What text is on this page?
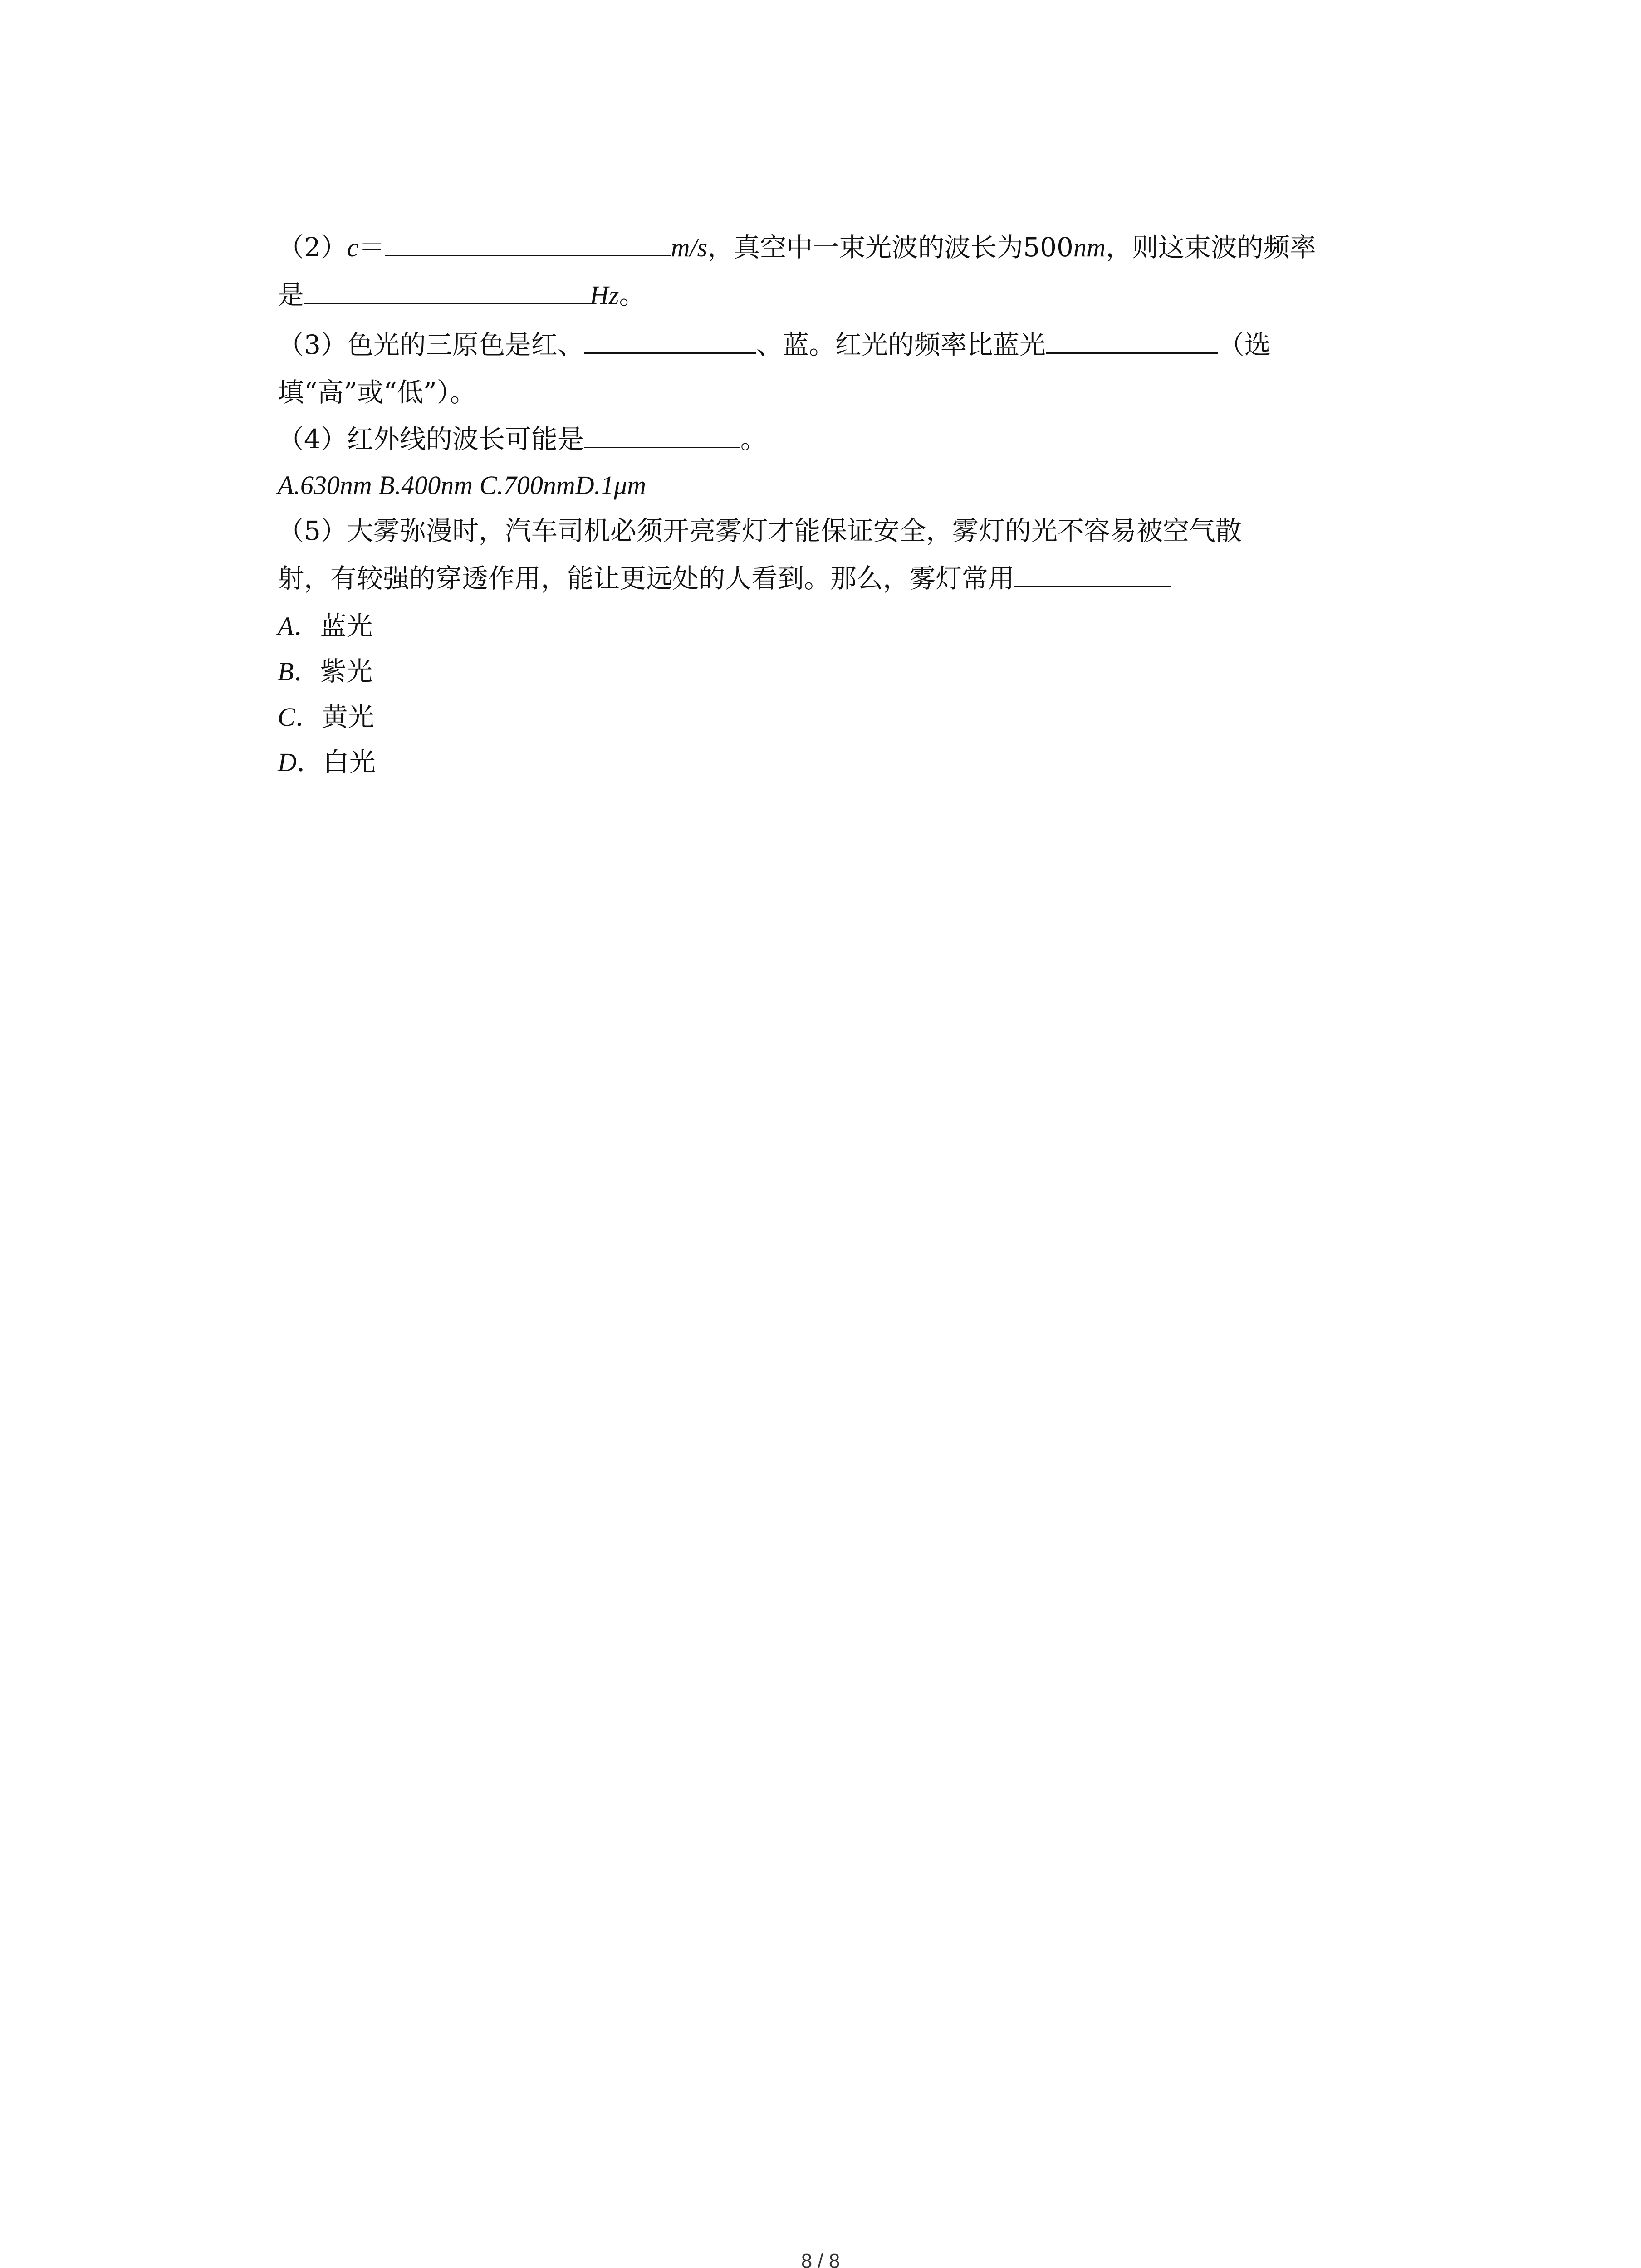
（2）c＝	m/s，真空中一束光波的波长为500nm，则这束波的频率
是	Hz。
（3）色光的三原色是红、	、蓝。红光的频率比蓝光	（选
填“高”或“低”）。
（4）红外线的波长可能是	。
A.630nm B.400nm C.700nmD.1μm
（5）大雾弥漫时，汽车司机必须开亮雾灯才能保证安全，雾灯的光不容易被空气散
射，有较强的穿透作用，能让更远处的人看到。那么，雾灯常用
A．蓝光
B．紫光
C．黄光
D．白光
8 / 8
